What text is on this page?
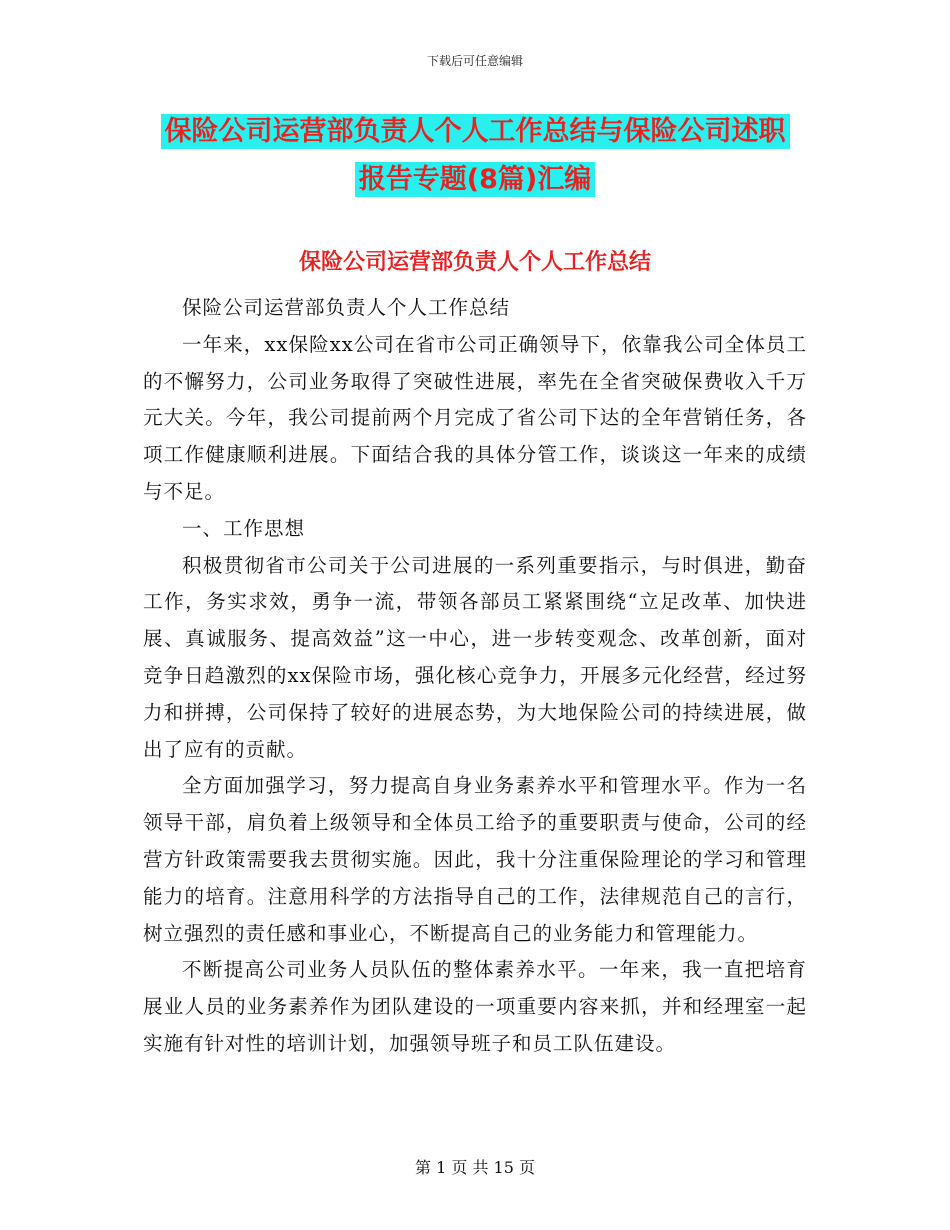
下载后可任意编辑
保险公司运营部负责人个人工作总结与保险公司述职
报告专题(8篇)汇编
保险公司运营部负责人个人工作总结

保险公司运营部负责人个人工作总结

一年来，xx保险xx公司在省市公司正确领导下，依靠我公司全体员工的不懈努力，公司业务取得了突破性进展，率先在全省突破保费收入千万元大关。今年，我公司提前两个月完成了省公司下达的全年营销任务，各项工作健康顺利进展。下面结合我的具体分管工作，谈谈这一年来的成绩与不足。

一、工作思想

积极贯彻省市公司关于公司进展的一系列重要指示，与时俱进，勤奋工作，务实求效，勇争一流，带领各部员工紧紧围绕“立足改革、加快进展、真诚服务、提高效益”这一中心，进一步转变观念、改革创新，面对竞争日趋激烈的xx保险市场，强化核心竞争力，开展多元化经营，经过努力和拼搏，公司保持了较好的进展态势，为大地保险公司的持续进展，做出了应有的贡献。

全方面加强学习，努力提高自身业务素养水平和管理水平。作为一名领导干部，肩负着上级领导和全体员工给予的重要职责与使命，公司的经营方针政策需要我去贯彻实施。因此，我十分注重保险理论的学习和管理能力的培育。注意用科学的方法指导自己的工作，法律规范自己的言行，树立强烈的责任感和事业心，不断提高自己的业务能力和管理能力。

不断提高公司业务人员队伍的整体素养水平。一年来，我一直把培育展业人员的业务素养作为团队建设的一项重要内容来抓，并和经理室一起实施有针对性的培训计划，加强领导班子和员工队伍建设。

第 1 页 共 15 页
